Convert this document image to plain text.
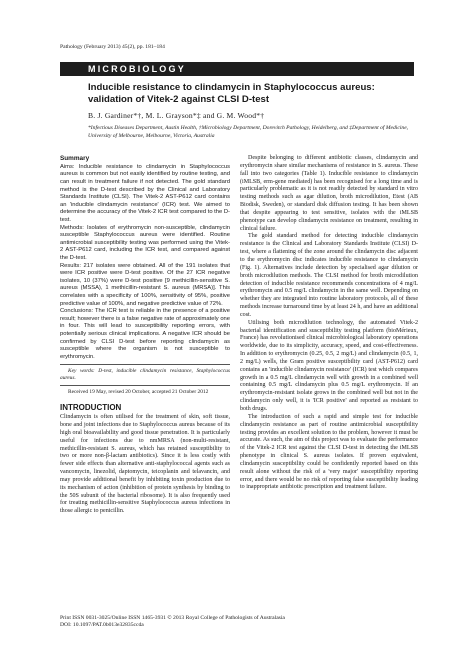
Pathology (February 2013) 45(2), pp. 181–184
MICROBIOLOGY
Inducible resistance to clindamycin in Staphylococcus aureus:
validation of Vitek-2 against CLSI D-test
B. J. Gardiner*†, M. L. Grayson*‡ and G. M. Wood*†
*Infectious Diseases Department, Austin Health, †Microbiology Department, Dorevitch Pathology, Heidelberg, and ‡Department of Medicine, University of Melbourne, Melbourne, Victoria, Australia
Summary

Aims: Inducible resistance to clindamycin in Staphylococcus aureus is common but not easily identified by routine testing, and can result in treatment failure if not detected. The gold standard method is the D-test described by the Clinical and Laboratory Standards Institute (CLSI). The Vitek-2 AST-P612 card contains an 'inducible clindamycin resistance' (ICR) test. We aimed to determine the accuracy of the Vitek-2 ICR test compared to the D-test.

Methods: Isolates of erythromycin non-susceptible, clindamycin susceptible Staphylococcus aureus were identified. Routine antimicrobial susceptibility testing was performed using the Vitek-2 AST-P612 card, including the ICR test, and compared against the D-test.

Results: 217 isolates were obtained. All of the 191 isolates that were ICR positive were D-test positive. Of the 27 ICR negative isolates, 10 (37%) were D-test positive [9 methicillin-sensitive S. aureus (MSSA), 1 methicillin-resistant S. aureus (MRSA)]. This correlates with a specificity of 100%, sensitivity of 95%, positive predictive value of 100%, and negative predictive value of 72%.

Conclusions: The ICR test is reliable in the presence of a positive result; however there is a false negative rate of approximately one in four. This will lead to susceptibility reporting errors, with potentially serious clinical implications. A negative ICR should be confirmed by CLSI D-test before reporting clindamycin as susceptible where the organism is not susceptible to erythromycin.

Key words: D-test, inducible clindamycin resistance, Staphylococcus aureus.

Received 19 May, revised 20 October, accepted 21 October 2012

INTRODUCTION

Clindamycin is often utilised for the treatment of skin, soft tissue, bone and joint infections due to Staphylococcus aureus because of its high oral bioavailability and good tissue penetration. It is particularly useful for infections due to nmMRSA (non-multi-resistant, methicillin-resistant S. aureus, which has retained susceptibility to two or more non-β-lactam antibiotics). Since it is less costly with fewer side effects than alternative anti-staphylococcal agents such as vancomycin, linezolid, daptomycin, teicoplanin and telavancin, and may provide additional benefit by inhibiting toxin production due to its mechanism of action (inhibition of protein synthesis by binding to the 50S subunit of the bacterial ribosome). It is also frequently used for treating methicillin-sensitive Staphylococcus aureus infections in those allergic to penicillin.

Despite belonging to different antibiotic classes, clindamycin and erythromycin share similar mechanisms of resistance in S. aureus. These fall into two categories (Table 1). Inducible resistance to clindamycin (iMLSB, erm-gene mediated) has been recognised for a long time and is particularly problematic as it is not readily detected by standard in vitro testing methods such as agar dilution, broth microdilution, Etest (AB Biodisk, Sweden), or standard disk diffusion testing. It has been shown that despite appearing to test sensitive, isolates with the iMLSB phenotype can develop clindamycin resistance on treatment, resulting in clinical failure.

The gold standard method for detecting inducible clindamycin resistance is the Clinical and Laboratory Standards Institute (CLSI) D-test, where a flattening of the zone around the clindamycin disc adjacent to the erythromycin disc indicates inducible resistance to clindamycin (Fig. 1). Alternatives include detection by specialised agar dilution or broth microdilution methods. The CLSI method for broth microdilution detection of inducible resistance recommends concentrations of 4 mg/L erythromycin and 0.5 mg/L clindamycin in the same well. Depending on whether they are integrated into routine laboratory protocols, all of these methods increase turnaround time by at least 24 h, and have an additional cost.

Utilising both microdilution technology, the automated Vitek-2 bacterial identification and susceptibility testing platform (bioMérieux, France) has revolutionised clinical microbiological laboratory operations worldwide, due to its simplicity, accuracy, speed, and cost-effectiveness. In addition to erythromycin (0.25, 0.5, 2 mg/L) and clindamycin (0.5, 1, 2 mg/L) wells, the Gram positive susceptibility card (AST-P612) card contains an 'inducible clindamycin resistance' (ICR) test which compares growth in a 0.5 mg/L clindamycin well with growth in a combined well containing 0.5 mg/L clindamycin plus 0.5 mg/L erythromycin. If an erythromycin-resistant isolate grows in the combined well but not in the clindamycin only well, it is 'ICR positive' and reported as resistant to both drugs.

The introduction of such a rapid and simple test for inducible clindamycin resistance as part of routine antimicrobial susceptibility testing provides an excellent solution to the problem, however it must be accurate. As such, the aim of this project was to evaluate the performance of the Vitek-2 ICR test against the CLSI D-test in detecting the iMLSB phenotype in clinical S. aureus isolates. If proven equivalent, clindamycin susceptibility could be confidently reported based on this result alone without the risk of a 'very major' susceptibility reporting error, and there would be no risk of reporting false susceptibility leading to inappropriate antibiotic prescription and treatment failure.

Print ISSN 0031-3025/Online ISSN 1465-3931 © 2013 Royal College of Pathologists of Australasia
DOI: 10.1097/PAT.0b013e32835ccda
